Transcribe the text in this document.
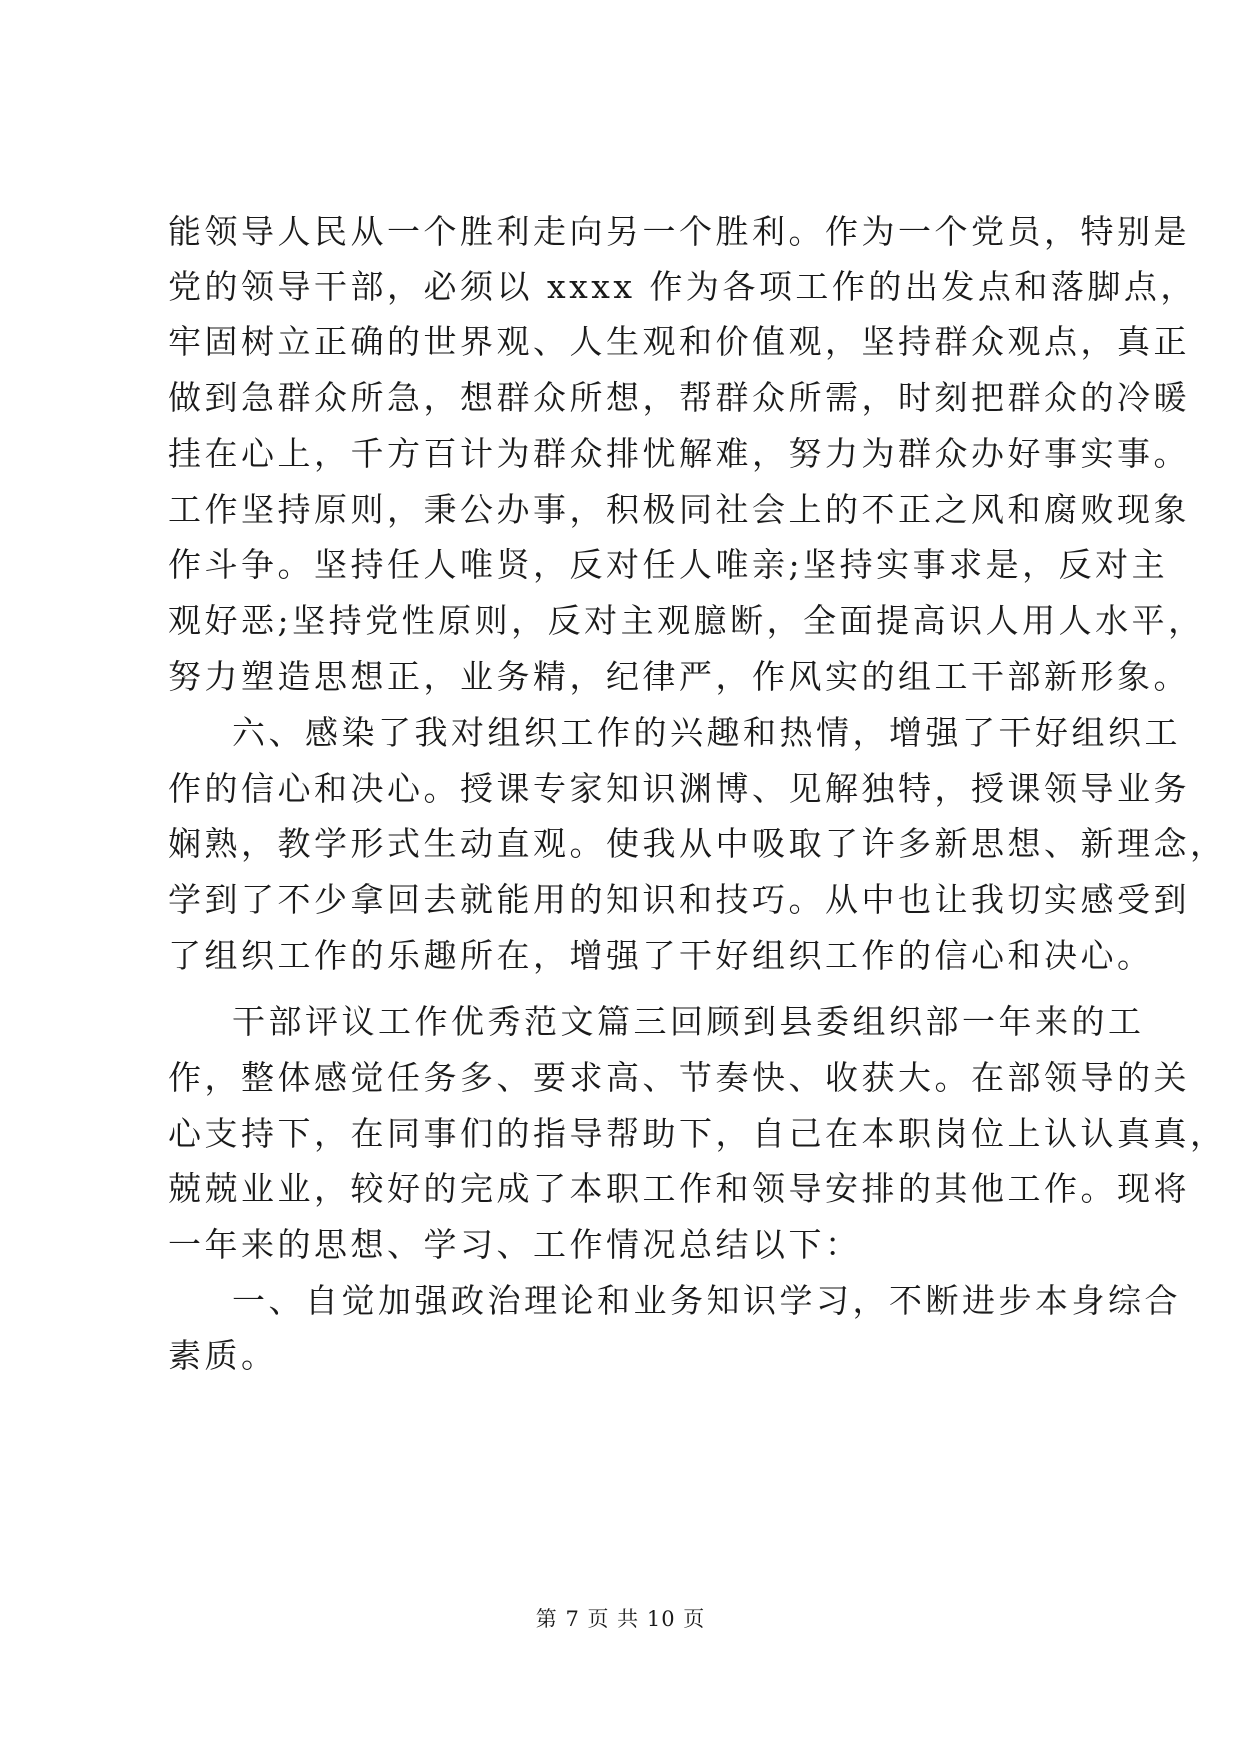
能领导人民从一个胜利走向另一个胜利。作为一个党员，特别是
党的领导干部，必须以 xxxx 作为各项工作的出发点和落脚点，
牢固树立正确的世界观、人生观和价值观，坚持群众观点，真正
做到急群众所急，想群众所想，帮群众所需，时刻把群众的冷暖
挂在心上，千方百计为群众排忧解难，努力为群众办好事实事。
工作坚持原则，秉公办事，积极同社会上的不正之风和腐败现象
作斗争。坚持任人唯贤，反对任人唯亲;坚持实事求是，反对主
观好恶;坚持党性原则，反对主观臆断，全面提高识人用人水平，
努力塑造思想正，业务精，纪律严，作风实的组工干部新形象。
六、感染了我对组织工作的兴趣和热情，增强了干好组织工
作的信心和决心。授课专家知识渊博、见解独特，授课领导业务
娴熟，教学形式生动直观。使我从中吸取了许多新思想、新理念，
学到了不少拿回去就能用的知识和技巧。从中也让我切实感受到
了组织工作的乐趣所在，增强了干好组织工作的信心和决心。
干部评议工作优秀范文篇三回顾到县委组织部一年来的工
作，整体感觉任务多、要求高、节奏快、收获大。在部领导的关
心支持下，在同事们的指导帮助下，自己在本职岗位上认认真真，
兢兢业业，较好的完成了本职工作和领导安排的其他工作。现将
一年来的思想、学习、工作情况总结以下：
一、自觉加强政治理论和业务知识学习，不断进步本身综合
素质。
第 7 页 共 10 页
